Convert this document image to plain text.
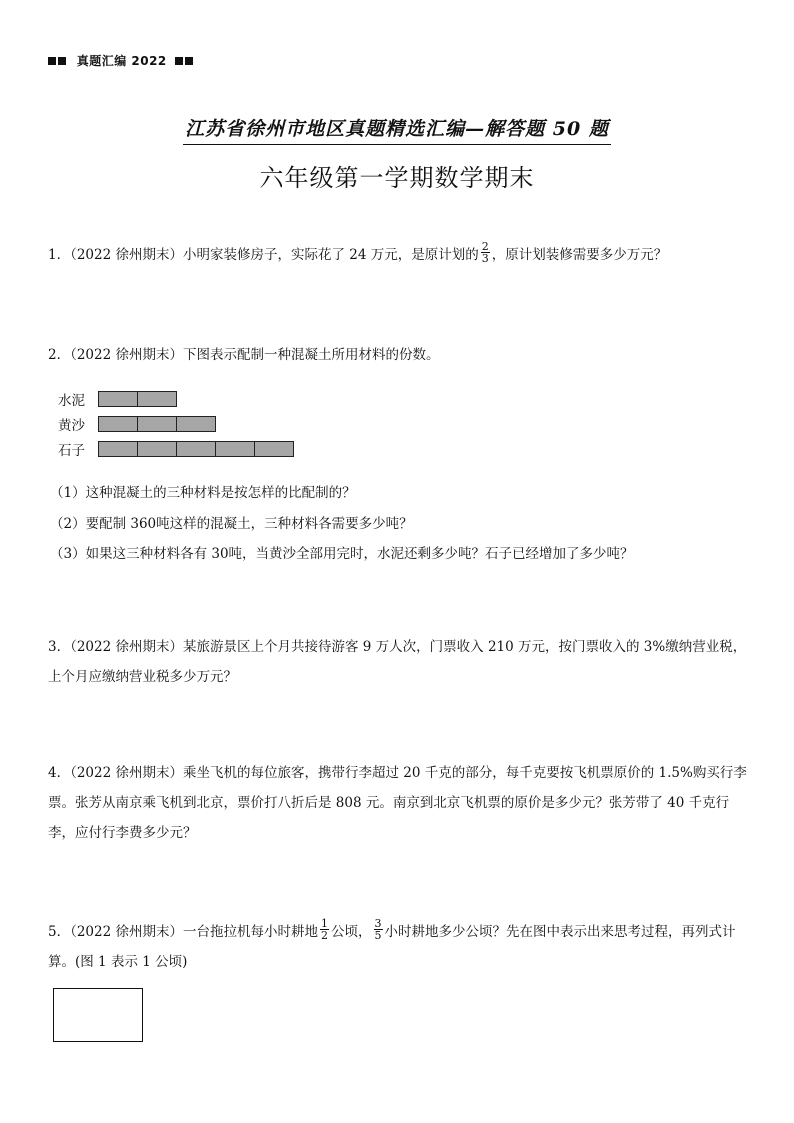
真题汇编 2022
江苏省徐州市地区真题精选汇编—解答题 50 题
六年级第一学期数学期末
1．（2022 徐州期末）小明家装修房子，实际花了 24 万元，是原计划的 $\frac{2}{3}$ ，原计划装修需要多少万元？
2．（2022 徐州期末）下图表示配制一种混凝土所用材料的份数。
水泥
黄沙
石子
（1）这种混凝土的三种材料是按怎样的比配制的？
（2）要配制 360吨这样的混凝土，三种材料各需要多少吨？
（3）如果这三种材料各有 30吨，当黄沙全部用完时，水泥还剩多少吨？石子已经增加了多少吨？
3．（2022 徐州期末）某旅游景区上个月共接待游客 9 万人次，门票收入 210 万元，按门票收入的 3%缴纳营业税，
上个月应缴纳营业税多少万元？
4．（2022 徐州期末）乘坐飞机的每位旅客，携带行李超过 20 千克的部分，每千克要按飞机票原价的 1.5%购买行李
票。张芳从南京乘飞机到北京，票价打八折后是 808 元。南京到北京飞机票的原价是多少元？张芳带了 40 千克行
李，应付行李费多少元？
5．（2022 徐州期末）一台拖拉机每小时耕地 $\frac{1}{2}$ 公顷， $\frac{3}{5}$ 小时耕地多少公顷？先在图中表示出来思考过程，再列式计
算。(图 1 表示 1 公顷)
